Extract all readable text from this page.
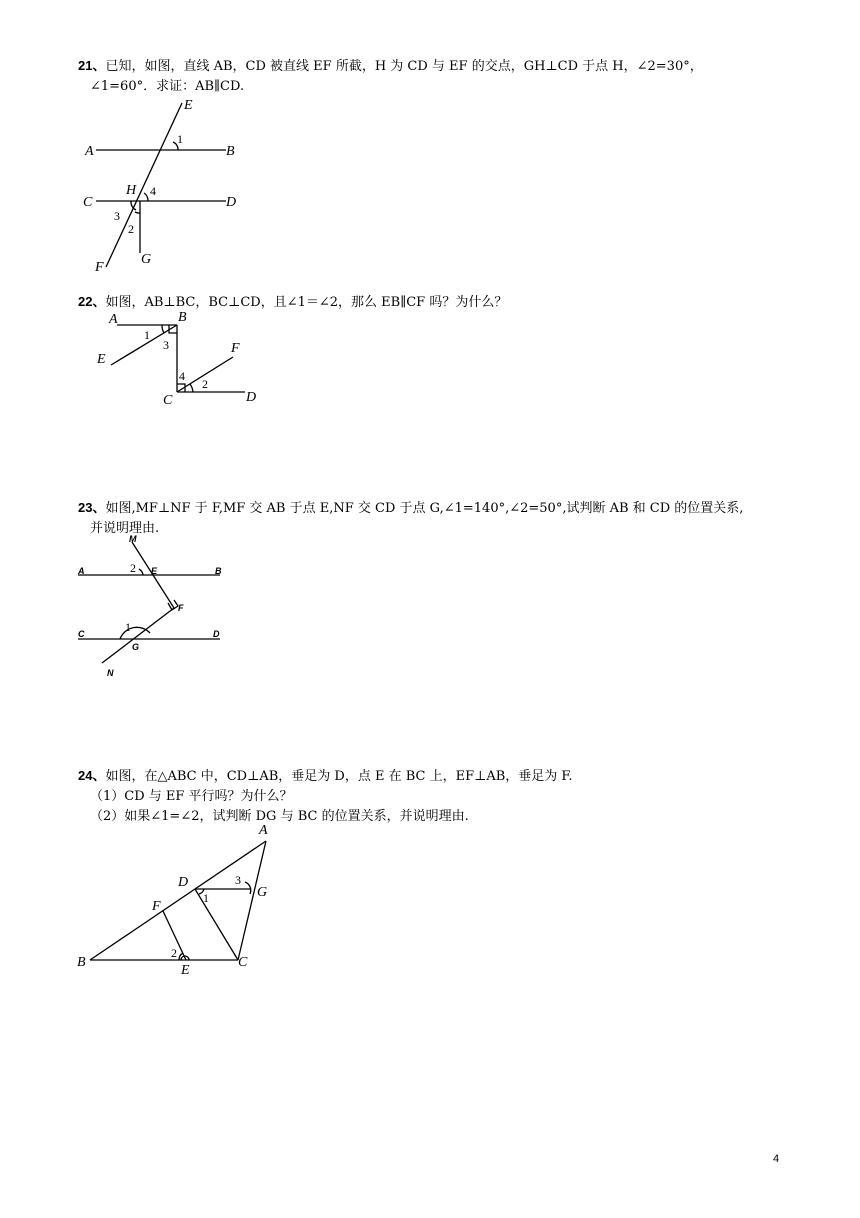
21、已知，如图，直线 AB，CD 被直线 EF 所截，H 为 CD 与 EF 的交点，GH⊥CD 于点 H，∠2=30°，
∠1=60°．求证：AB∥CD.
E
A	B
C	D
H
F
G
1
4
3
2
22、如图，AB⊥BC，BC⊥CD，且∠1＝∠2，那么 EB∥CF 吗？为什么？
A	B
E
C	D
F
1
3
4
2
23、如图,MF⊥NF 于 F,MF 交 AB 于点 E,NF 交 CD 于点 G,∠1=140°,∠2=50°,试判断 AB 和 CD 的位置关系,
并说明理由.
M
A	E	B
F
C
G
D
N
2
1
24、如图，在△ABC 中，CD⊥AB，垂足为 D，点 E 在 BC 上，EF⊥AB，垂足为 F.
（1）CD 与 EF 平行吗？为什么？
（2）如果∠1=∠2，试判断 DG 与 BC 的位置关系，并说明理由.
A
D
G
F
B
E
C
3
1
2
4
